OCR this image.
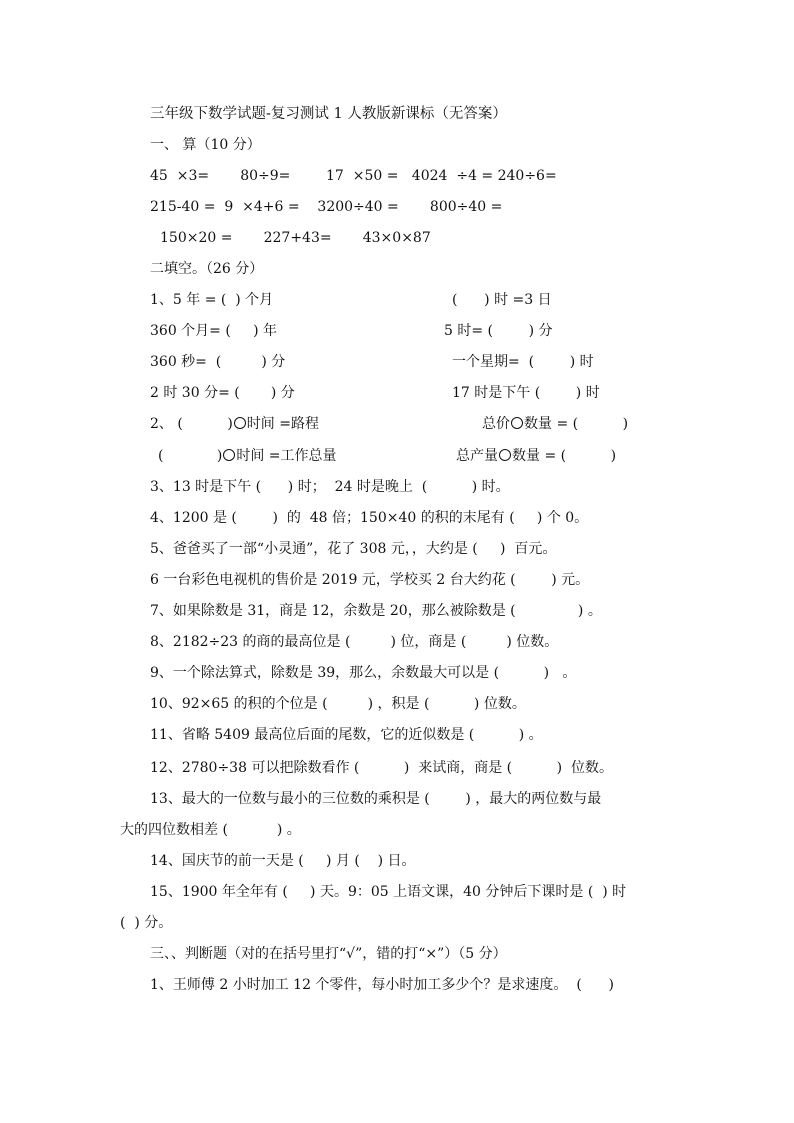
三年级下数学试题-复习测试 1 人教版新课标（无答案）
一、 算（10 分）
45  ×3=       80÷9=        17  ×50 =   4024  ÷4 = 240÷6=
215-40 =  9  ×4+6 =    3200÷40 =       800÷40 =
150×20 =       227+43=       43×0×87
二填空。（26 分）
1、5 年 = (  ) 个月	(      ) 时 =3 日
360 个月= (     ) 年	5 时= (        ) 分
360 秒=  (         ) 分	一个星期=  (        ) 时
2 时 30 分= (       ) 分	17 时是下午 (        ) 时
2、 (          ) 时间 =路程	总价 数量 = (          )
(            ) 时间 =工作总量	总产量 数量 = (          )
3、13 时是下午 (      ) 时；  24 时是晚上  (          ) 时。
4、1200 是 (        )  的  48 倍；150×40 的积的末尾有 (     ) 个 0。
5、爸爸买了一部“小灵通”，花了 308 元，，大约是 (     )  百元。
6 一台彩色电视机的售价是 2019 元，学校买 2 台大约花 (        ) 元。
7、如果除数是 31，商是 12，余数是 20，那么被除数是 (              ) 。
8、2182÷23 的商的最高位是 (         ) 位，商是 (         ) 位数。
9、一个除法算式，除数是 39，那么，余数最大可以是 (          )   。
10、92×65 的积的个位是 (         ) ，积是 (          ) 位数。
11、省略 5409 最高位后面的尾数，它的近似数是 (          ) 。
12、2780÷38 可以把除数看作 (          )  来试商，商是 (          )  位数。
13、最大的一位数与最小的三位数的乘积是 (        ) ，最大的两位数与最
大的四位数相差 (           ) 。
14、国庆节的前一天是 (     ) 月 (    ) 日。
15、1900 年全年有 (     ) 天。9：05 上语文课，40 分钟后下课时是 (  ) 时
(  ) 分。
三、、判断题（对的在括号里打“√”，错的打“×”）（5 分）
1、王师傅 2 小时加工 12 个零件，每小时加工多少个？是求速度。  (      )
